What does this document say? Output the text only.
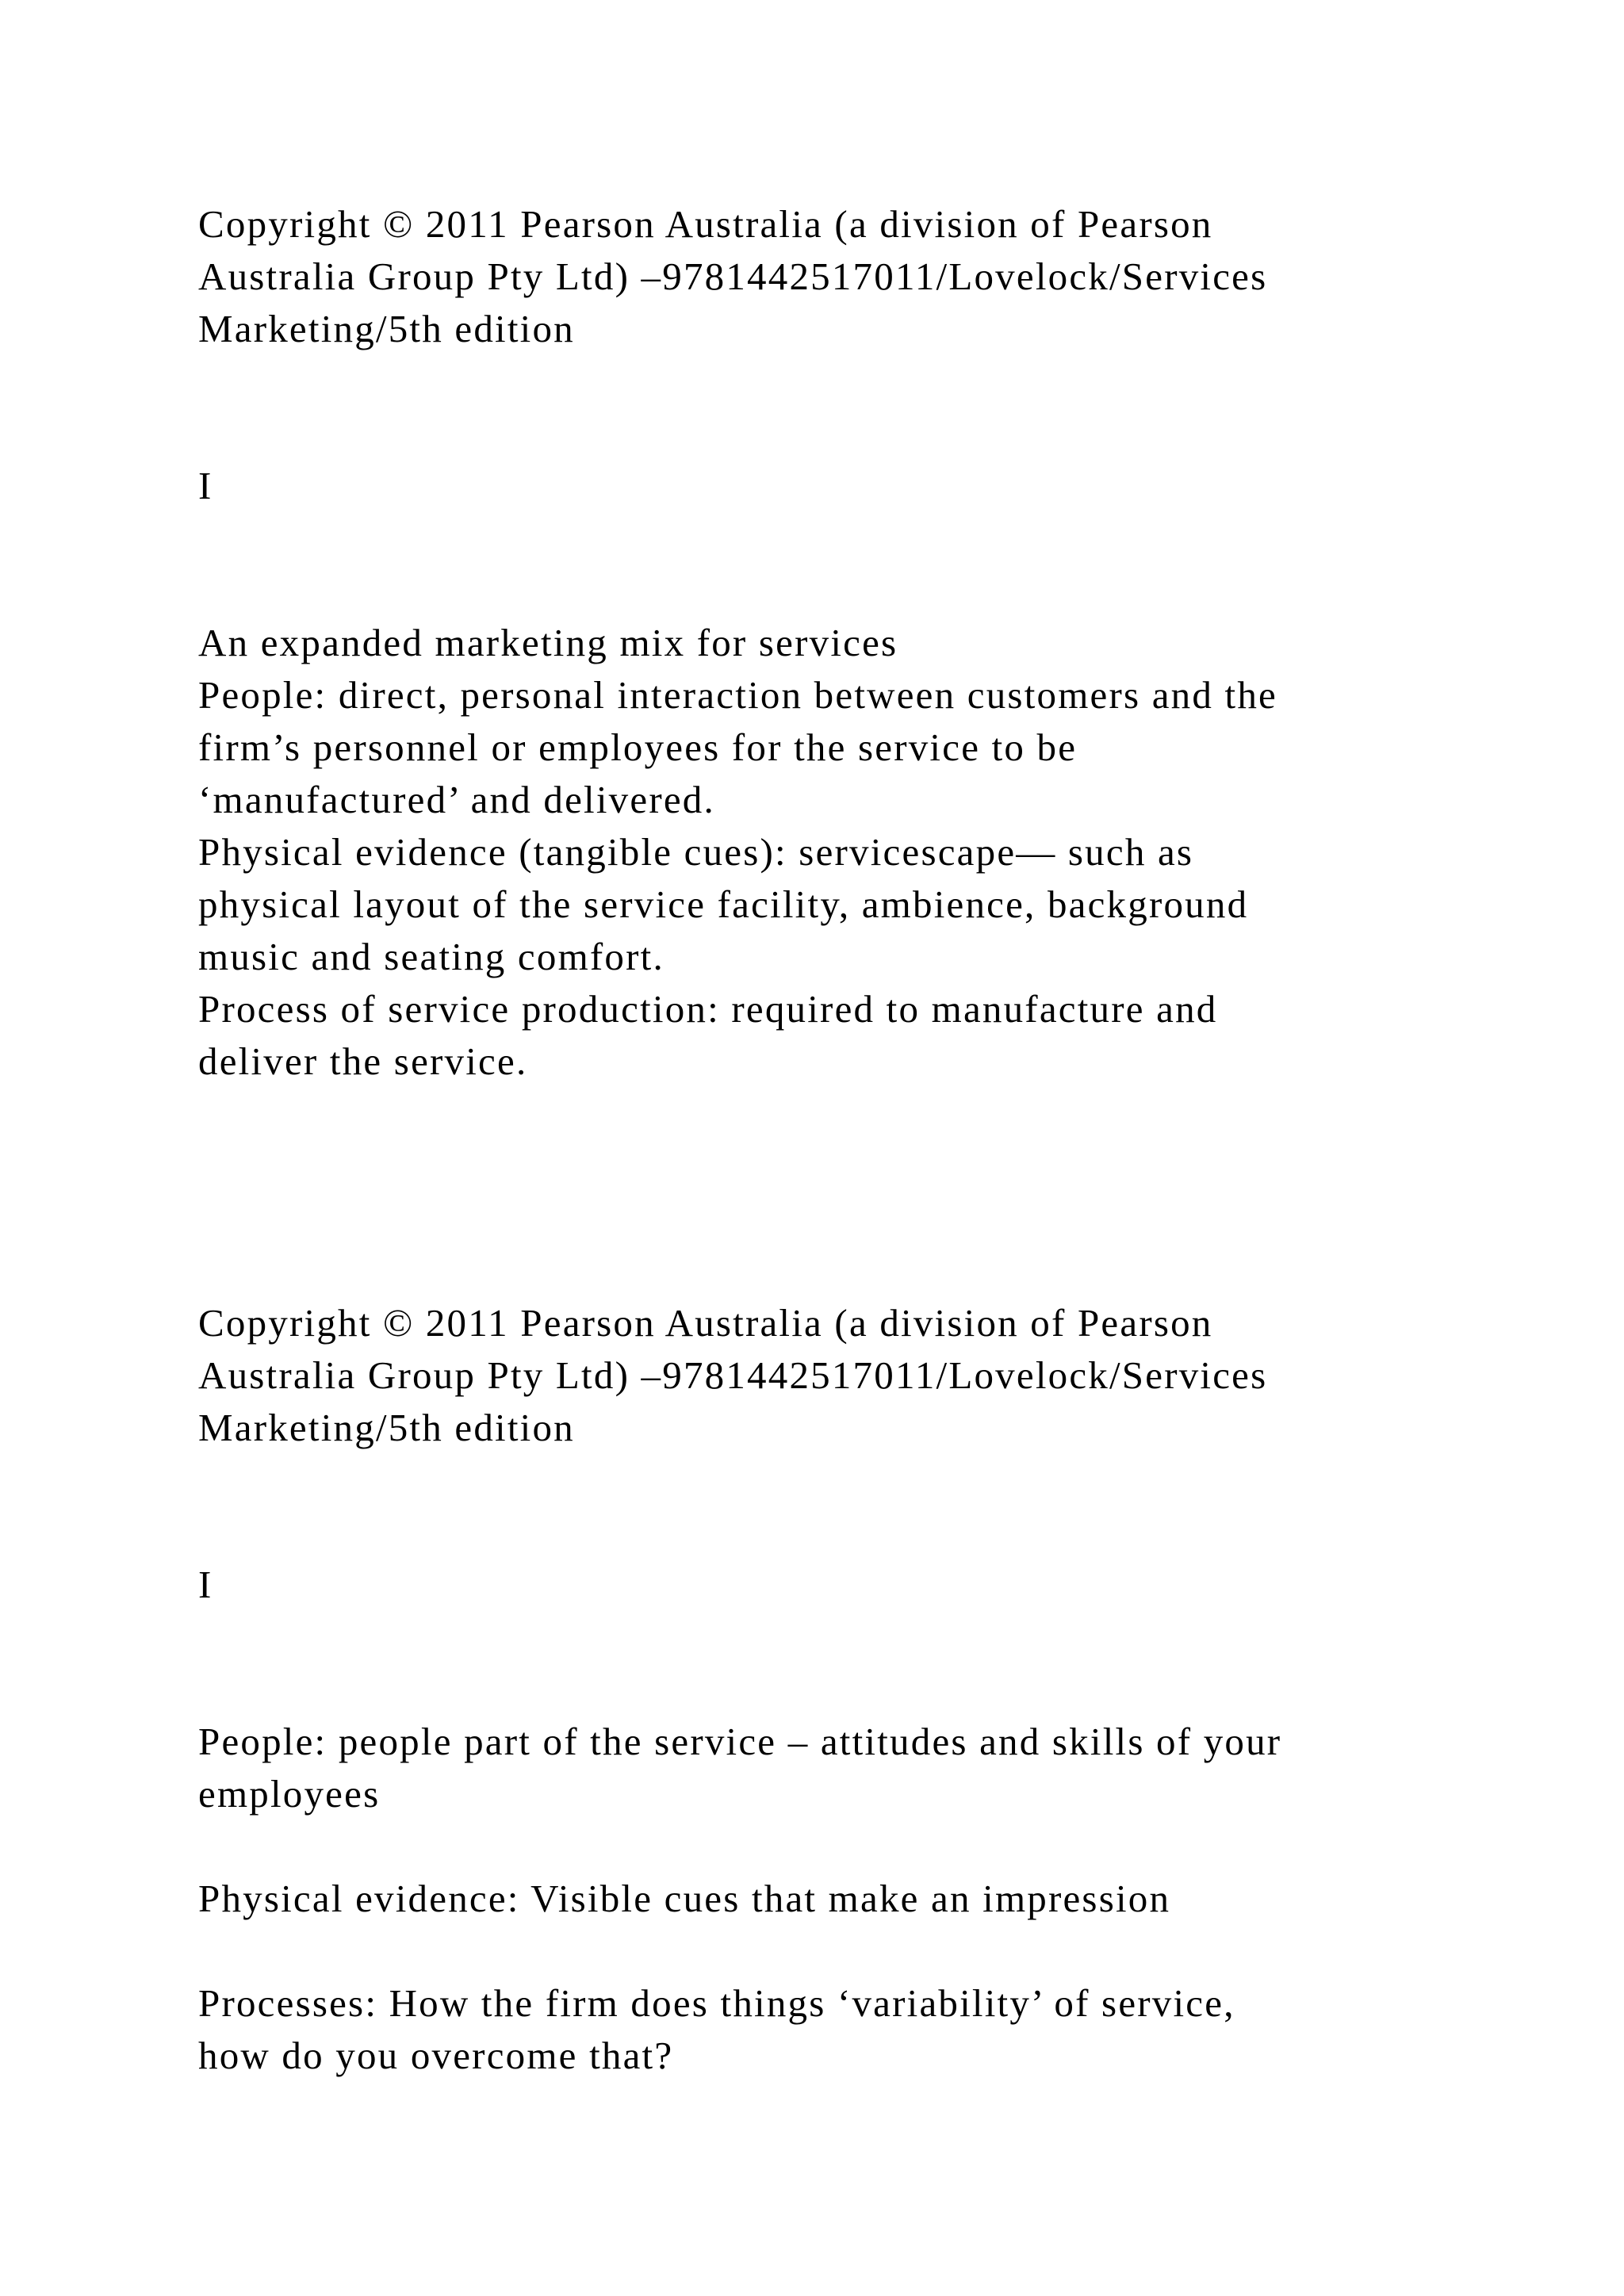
Copyright © 2011 Pearson Australia (a division of Pearson

Australia Group Pty Ltd) –9781442517011/Lovelock/Services

Marketing/5th edition

I

An expanded marketing mix for services

People: direct, personal interaction between customers and the

firm’s personnel or employees for the service to be

‘manufactured’ and delivered.

Physical evidence (tangible cues): servicescape— such as

physical layout of the service facility, ambience, background

music and seating comfort.

Process of service production: required to manufacture and

deliver the service.

Copyright © 2011 Pearson Australia (a division of Pearson

Australia Group Pty Ltd) –9781442517011/Lovelock/Services

Marketing/5th edition

I

People: people part of the service – attitudes and skills of your

employees

Physical evidence: Visible cues that make an impression

Processes: How the firm does things ‘variability’ of service,

how do you overcome that?
